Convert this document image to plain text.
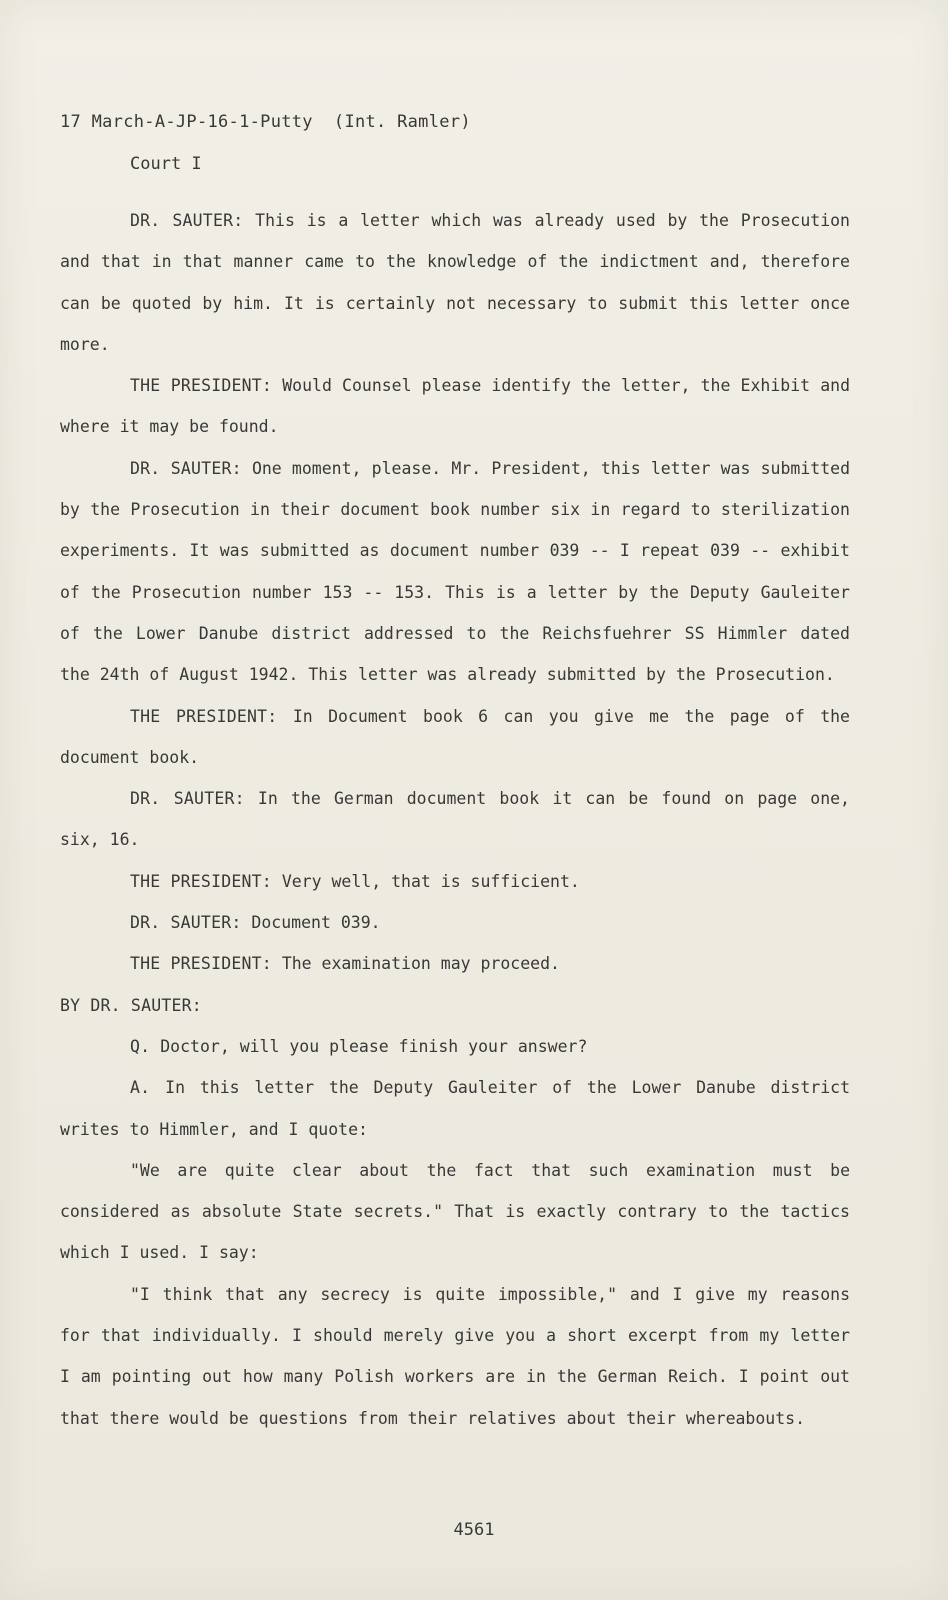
17 March-A-JP-16-1-Putty  (Int. Ramler)
Court I

DR. SAUTER: This is a letter which was already used by the Prosecution and that in that manner came to the knowledge of the indictment and, therefore can be quoted by him. It is certainly not necessary to submit this letter once more.

THE PRESIDENT: Would Counsel please identify the letter, the Exhibit and where it may be found.

DR. SAUTER: One moment, please. Mr. President, this letter was submitted by the Prosecution in their document book number six in regard to sterilization experiments. It was submitted as document number 039 -- I repeat 039 -- exhibit of the Prosecution number 153 -- 153. This is a letter by the Deputy Gauleiter of the Lower Danube district addressed to the Reichsfuehrer SS Himmler dated the 24th of August 1942. This letter was already submitted by the Prosecution.

THE PRESIDENT: In Document book 6 can you give me the page of the document book.

DR. SAUTER: In the German document book it can be found on page one, six, 16.

THE PRESIDENT: Very well, that is sufficient.

DR. SAUTER: Document 039.

THE PRESIDENT: The examination may proceed.

BY DR. SAUTER:

Q. Doctor, will you please finish your answer?

A. In this letter the Deputy Gauleiter of the Lower Danube district writes to Himmler, and I quote:

"We are quite clear about the fact that such examination must be considered as absolute State secrets." That is exactly contrary to the tactics which I used. I say:

"I think that any secrecy is quite impossible," and I give my reasons for that individually. I should merely give you a short excerpt from my letter I am pointing out how many Polish workers are in the German Reich. I point out that there would be questions from their relatives about their whereabouts.

4561
